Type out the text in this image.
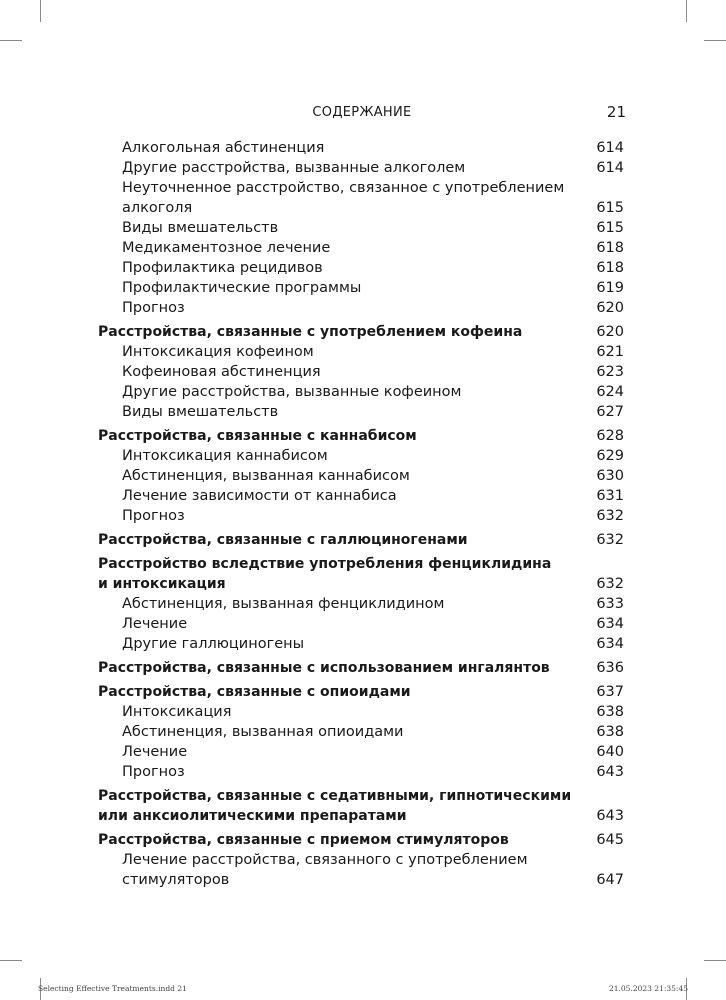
СОДЕРЖАНИЕ	21
Алкогольная абстиненция	614
Другие расстройства, вызванные алкоголем	614
Неуточненное расстройство, связанное с употреблением
алкоголя	615
Виды вмешательств	615
Медикаментозное лечение	618
Профилактика рецидивов	618
Профилактические программы	619
Прогноз	620
Расстройства, связанные с употреблением кофеина	620
Интоксикация кофеином	621
Кофеиновая абстиненция	623
Другие расстройства, вызванные кофеином	624
Виды вмешательств	627
Расстройства, связанные с каннабисом	628
Интоксикация каннабисом	629
Абстиненция, вызванная каннабисом	630
Лечение зависимости от каннабиса	631
Прогноз	632
Расстройства, связанные с галлюциногенами	632
Расстройство вследствие употребления фенциклидина
и интоксикация	632
Абстиненция, вызванная фенциклидином	633
Лечение	634
Другие галлюциногены	634
Расстройства, связанные с использованием ингалянтов	636
Расстройства, связанные с опиоидами	637
Интоксикация	638
Абстиненция, вызванная опиоидами	638
Лечение	640
Прогноз	643
Расстройства, связанные с седативными, гипнотическими
или анксиолитическими препаратами	643
Расстройства, связанные с приемом стимуляторов	645
Лечение расстройства, связанного с употреблением
стимуляторов	647
Selecting Effective Treatments.indd 21	21.05.2023 21:35:45
